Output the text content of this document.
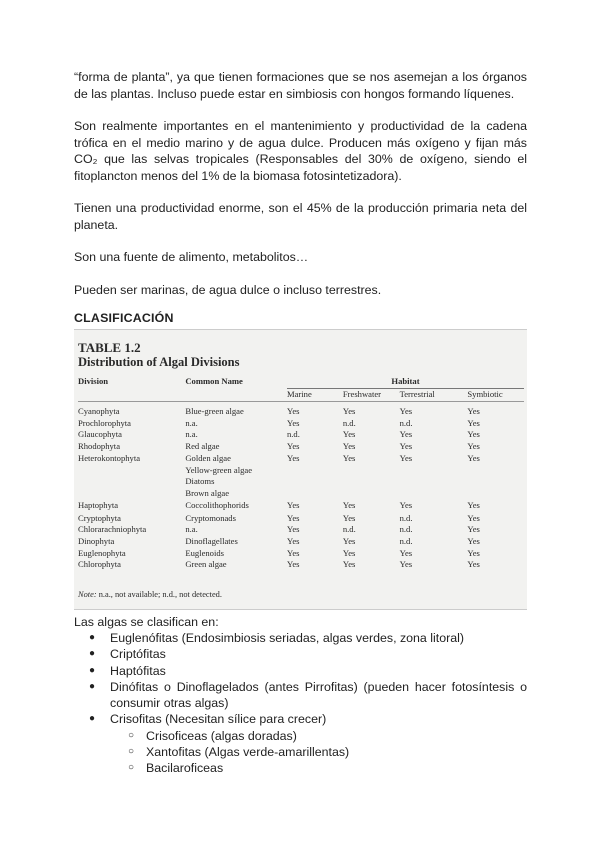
“forma de planta”, ya que tienen formaciones que se nos asemejan a los órganos de las plantas. Incluso puede estar en simbiosis con hongos formando líquenes.

Son realmente importantes en el mantenimiento y productividad de la cadena trófica en el medio marino y de agua dulce. Producen más oxígeno y fijan más CO₂ que las selvas tropicales (Responsables del 30% de oxígeno, siendo el fitoplancton menos del 1% de la biomasa fotosintetizadora).

Tienen una productividad enorme, son el 45% de la producción primaria neta del planeta.

Son una fuente de alimento, metabolitos…

Pueden ser marinas, de agua dulce o incluso terrestres.

CLASIFICACIÓN
TABLE 1.2
Distribution of Algal Divisions
Division	Common Name	Habitat			
		Marine	Freshwater	Terrestrial	Symbiotic

Cyanophyta	Blue-green algae	Yes	Yes	Yes	Yes
Prochlorophyta	n.a.	Yes	n.d.	n.d.	Yes
Glaucophyta	n.a.	n.d.	Yes	Yes	Yes
Rhodophyta	Red algae	Yes	Yes	Yes	Yes
Heterokontophyta	Golden algae	Yes	Yes	Yes	Yes
	Yellow-green algae				
	Diatoms				
	Brown algae				
Haptophyta	Coccolithophorids	Yes	Yes	Yes	Yes
Cryptophyta	Cryptomonads	Yes	Yes	n.d.	Yes
Chlorarachniophyta	n.a.	Yes	n.d.	n.d.	Yes
Dinophyta	Dinoflagellates	Yes	Yes	n.d.	Yes
Euglenophyta	Euglenoids	Yes	Yes	Yes	Yes
Chlorophyta	Green algae	Yes	Yes	Yes	Yes
Note: n.a., not available; n.d., not detected.

Las algas se clasifican en:

● Euglenófitas (Endosimbiosis seriadas, algas verdes, zona litoral)
● Criptófitas
● Haptófitas
● Dinófitas o Dinoflagelados (antes Pirrofitas) (pueden hacer fotosíntesis o consumir otras algas)
● Crisofitas (Necesitan sílice para crecer)
○ Crisoficeas (algas doradas)
○ Xantofitas (Algas verde-amarillentas)
○ Bacilaroficeas
